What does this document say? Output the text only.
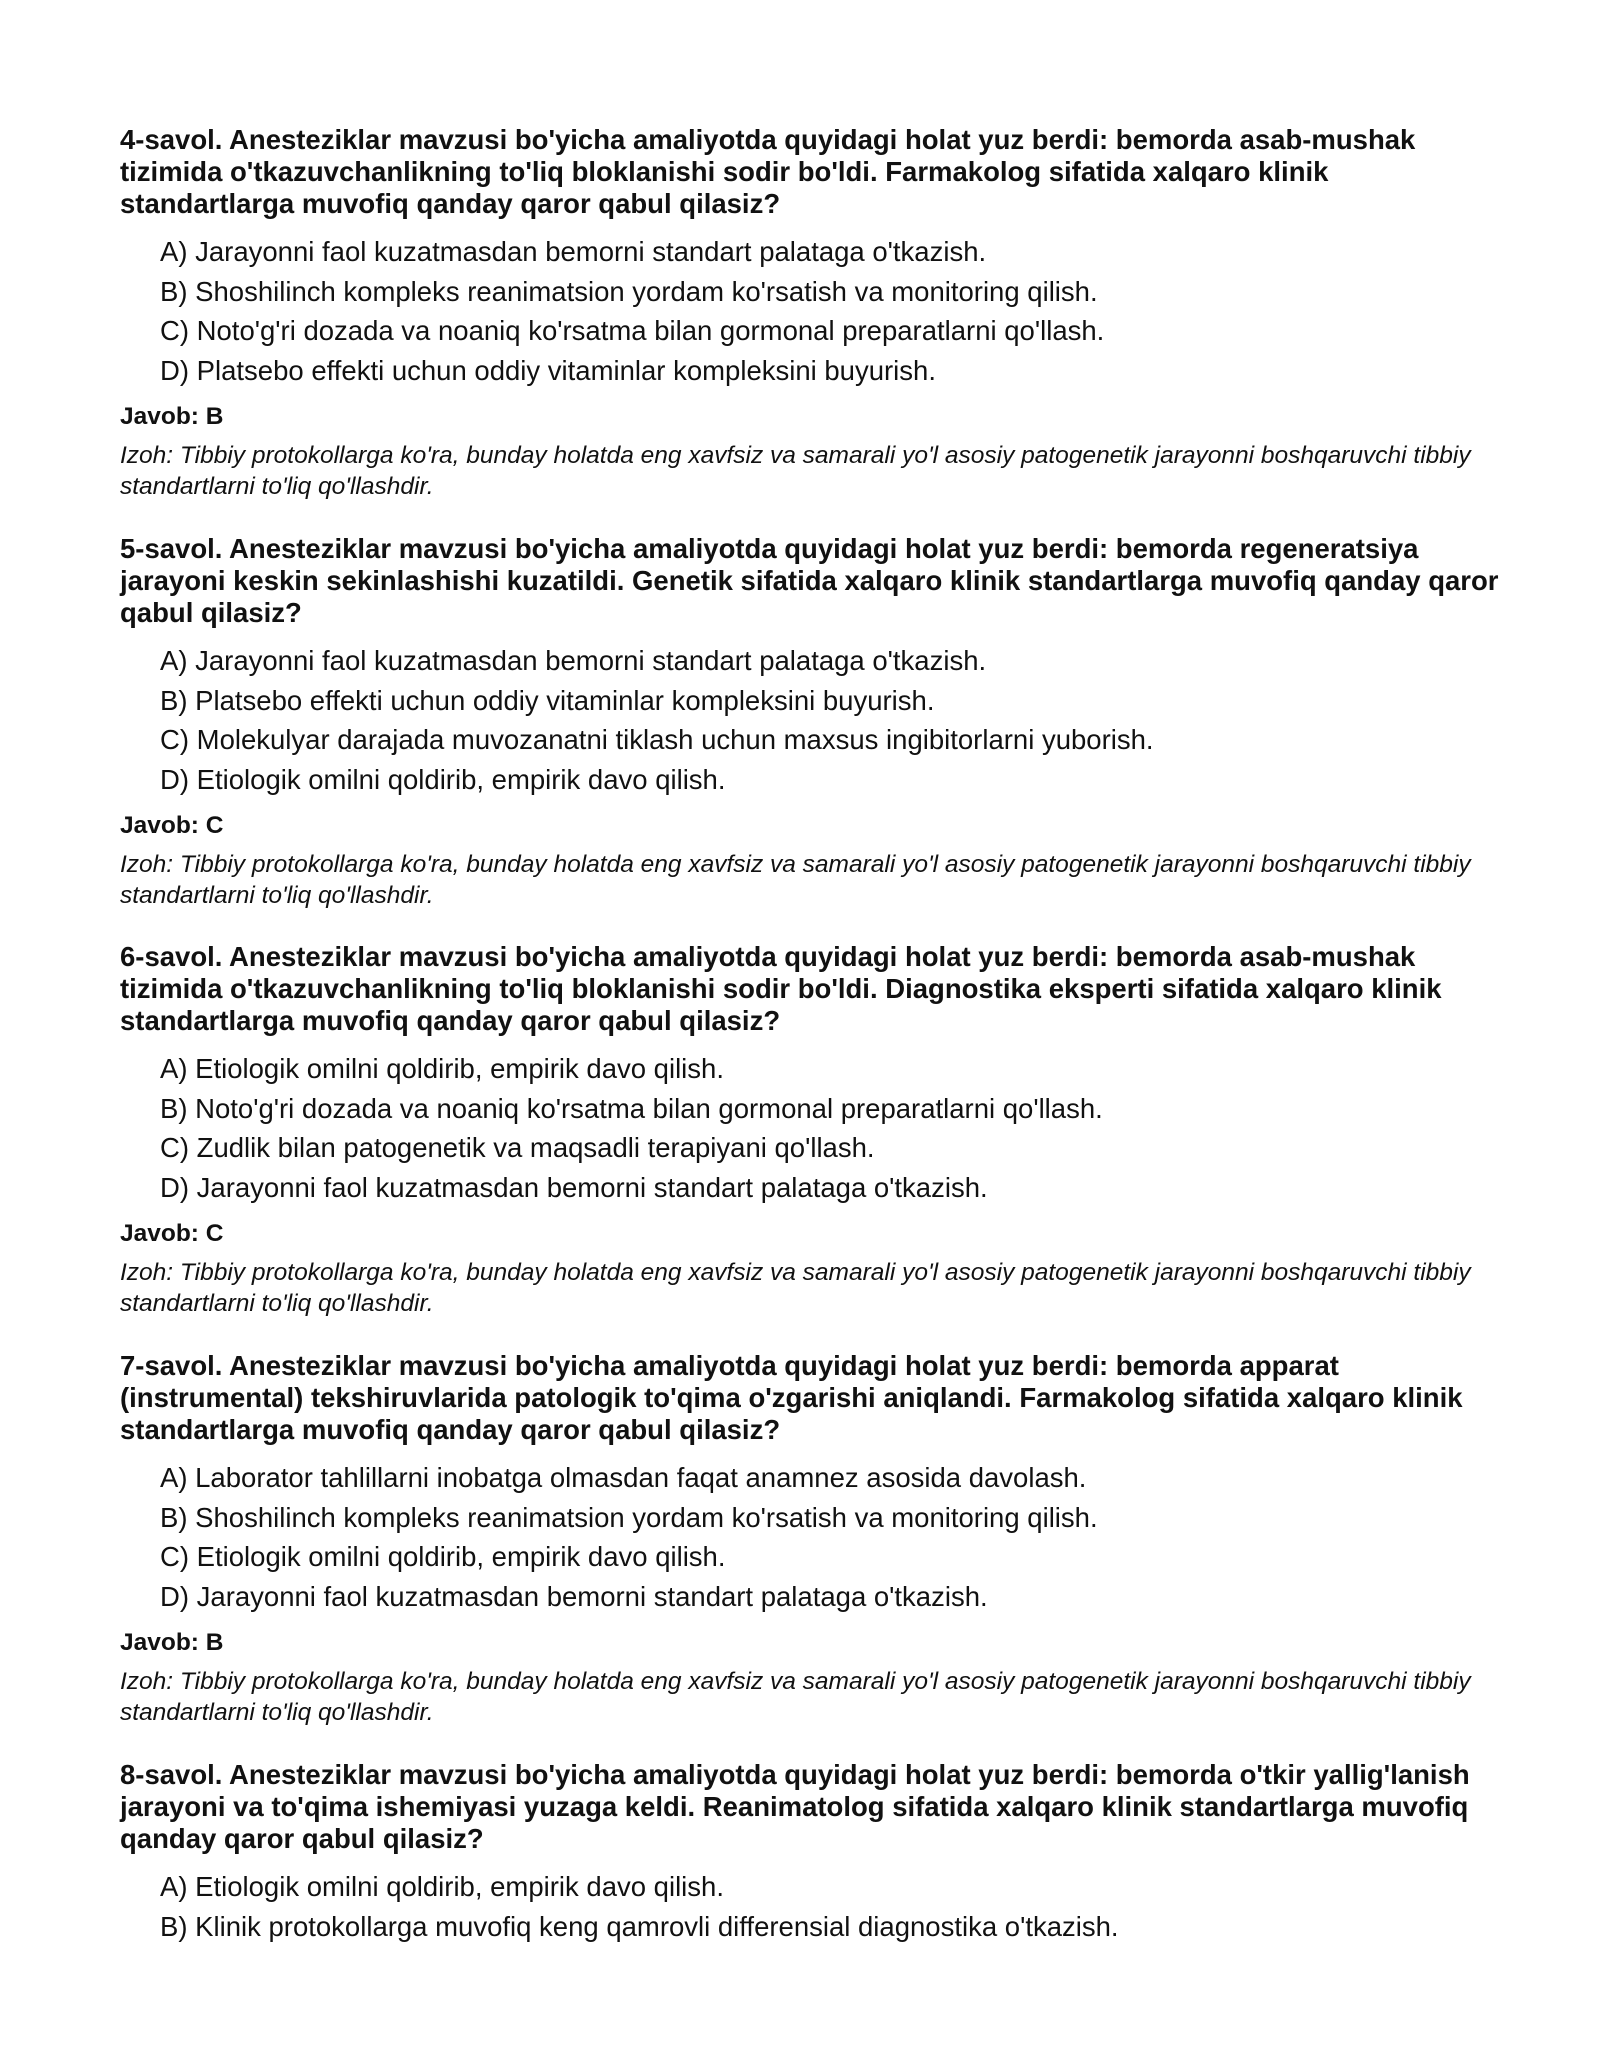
4-savol. Anesteziklar mavzusi bo'yicha amaliyotda quyidagi holat yuz berdi: bemorda asab-mushak tizimida o'tkazuvchanlikning to'liq bloklanishi sodir bo'ldi. Farmakolog sifatida xalqaro klinik standartlarga muvofiq qanday qaror qabul qilasiz?

A) Jarayonni faol kuzatmasdan bemorni standart palataga o'tkazish.
B) Shoshilinch kompleks reanimatsion yordam ko'rsatish va monitoring qilish.
C) Noto'g'ri dozada va noaniq ko'rsatma bilan gormonal preparatlarni qo'llash.
D) Platsebo effekti uchun oddiy vitaminlar kompleksini buyurish.

Javob: B

Izoh: Tibbiy protokollarga ko'ra, bunday holatda eng xavfsiz va samarali yo'l asosiy patogenetik jarayonni boshqaruvchi tibbiy standartlarni to'liq qo'llashdir.

5-savol. Anesteziklar mavzusi bo'yicha amaliyotda quyidagi holat yuz berdi: bemorda regeneratsiya jarayoni keskin sekinlashishi kuzatildi. Genetik sifatida xalqaro klinik standartlarga muvofiq qanday qaror qabul qilasiz?

A) Jarayonni faol kuzatmasdan bemorni standart palataga o'tkazish.
B) Platsebo effekti uchun oddiy vitaminlar kompleksini buyurish.
C) Molekulyar darajada muvozanatni tiklash uchun maxsus ingibitorlarni yuborish.
D) Etiologik omilni qoldirib, empirik davo qilish.

Javob: C

Izoh: Tibbiy protokollarga ko'ra, bunday holatda eng xavfsiz va samarali yo'l asosiy patogenetik jarayonni boshqaruvchi tibbiy standartlarni to'liq qo'llashdir.

6-savol. Anesteziklar mavzusi bo'yicha amaliyotda quyidagi holat yuz berdi: bemorda asab-mushak tizimida o'tkazuvchanlikning to'liq bloklanishi sodir bo'ldi. Diagnostika eksperti sifatida xalqaro klinik standartlarga muvofiq qanday qaror qabul qilasiz?

A) Etiologik omilni qoldirib, empirik davo qilish.
B) Noto'g'ri dozada va noaniq ko'rsatma bilan gormonal preparatlarni qo'llash.
C) Zudlik bilan patogenetik va maqsadli terapiyani qo'llash.
D) Jarayonni faol kuzatmasdan bemorni standart palataga o'tkazish.

Javob: C

Izoh: Tibbiy protokollarga ko'ra, bunday holatda eng xavfsiz va samarali yo'l asosiy patogenetik jarayonni boshqaruvchi tibbiy standartlarni to'liq qo'llashdir.

7-savol. Anesteziklar mavzusi bo'yicha amaliyotda quyidagi holat yuz berdi: bemorda apparat (instrumental) tekshiruvlarida patologik to'qima o'zgarishi aniqlandi. Farmakolog sifatida xalqaro klinik standartlarga muvofiq qanday qaror qabul qilasiz?

A) Laborator tahlillarni inobatga olmasdan faqat anamnez asosida davolash.
B) Shoshilinch kompleks reanimatsion yordam ko'rsatish va monitoring qilish.
C) Etiologik omilni qoldirib, empirik davo qilish.
D) Jarayonni faol kuzatmasdan bemorni standart palataga o'tkazish.

Javob: B

Izoh: Tibbiy protokollarga ko'ra, bunday holatda eng xavfsiz va samarali yo'l asosiy patogenetik jarayonni boshqaruvchi tibbiy standartlarni to'liq qo'llashdir.

8-savol. Anesteziklar mavzusi bo'yicha amaliyotda quyidagi holat yuz berdi: bemorda o'tkir yallig'lanish jarayoni va to'qima ishemiyasi yuzaga keldi. Reanimatolog sifatida xalqaro klinik standartlarga muvofiq qanday qaror qabul qilasiz?

A) Etiologik omilni qoldirib, empirik davo qilish.
B) Klinik protokollarga muvofiq keng qamrovli differensial diagnostika o'tkazish.
